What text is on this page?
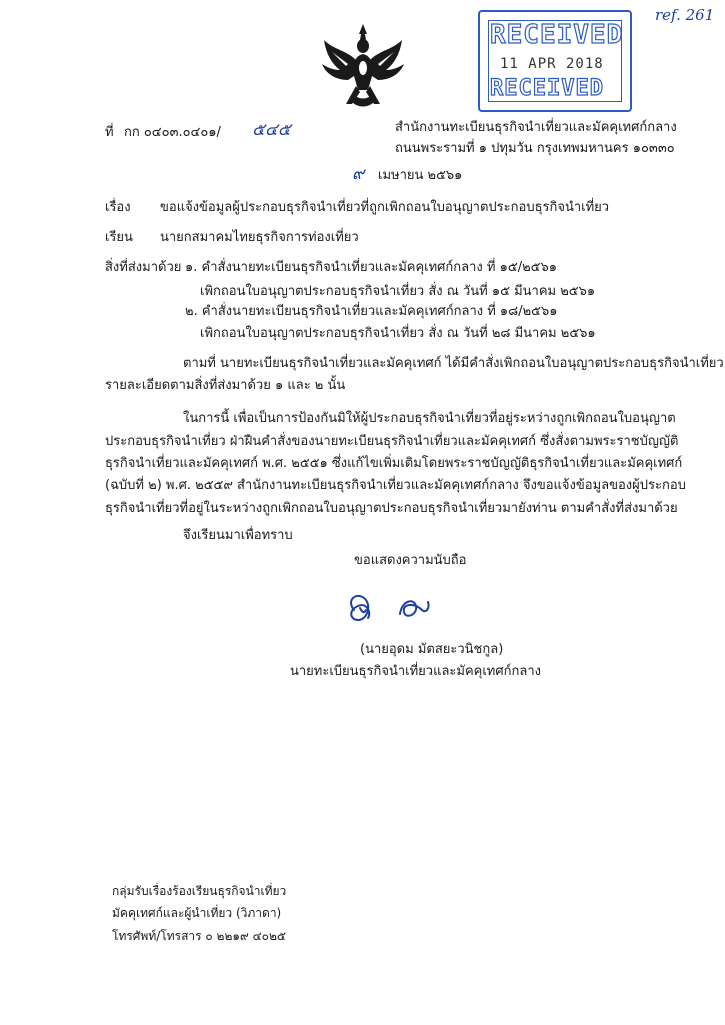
ref. 261
RECEIVED
11 APR 2018
RECEIVED
ที่ กก ๐๔๐๓.๐๔๐๑/ ๕๔๕	สำนักงานทะเบียนธุรกิจนำเที่ยวและมัคคุเทศก์กลาง
ถนนพระรามที่ ๑ ปทุมวัน กรุงเทพมหานคร ๑๐๓๓๐
๙ เมษายน ๒๕๖๑
เรื่อง ขอแจ้งข้อมูลผู้ประกอบธุรกิจนำเที่ยวที่ถูกเพิกถอนใบอนุญาตประกอบธุรกิจนำเที่ยว
เรียน นายกสมาคมไทยธุรกิจการท่องเที่ยว
สิ่งที่ส่งมาด้วย ๑. คำสั่งนายทะเบียนธุรกิจนำเที่ยวและมัคคุเทศก์กลาง ที่ ๑๕/๒๕๖๑
เพิกถอนใบอนุญาตประกอบธุรกิจนำเที่ยว สั่ง ณ วันที่ ๑๕ มีนาคม ๒๕๖๑
๒. คำสั่งนายทะเบียนธุรกิจนำเที่ยวและมัคคุเทศก์กลาง ที่ ๑๘/๒๕๖๑
เพิกถอนใบอนุญาตประกอบธุรกิจนำเที่ยว สั่ง ณ วันที่ ๒๘ มีนาคม ๒๕๖๑
ตามที่ นายทะเบียนธุรกิจนำเที่ยวและมัคคุเทศก์ ได้มีคำสั่งเพิกถอนใบอนุญาตประกอบธุรกิจนำเที่ยว
รายละเอียดตามสิ่งที่ส่งมาด้วย ๑ และ ๒ นั้น
ในการนี้ เพื่อเป็นการป้องกันมิให้ผู้ประกอบธุรกิจนำเที่ยวที่อยู่ระหว่างถูกเพิกถอนใบอนุญาต
ประกอบธุรกิจนำเที่ยว ฝ่าฝืนคำสั่งของนายทะเบียนธุรกิจนำเที่ยวและมัคคุเทศก์ ซึ่งสั่งตามพระราชบัญญัติ
ธุรกิจนำเที่ยวและมัคคุเทศก์ พ.ศ. ๒๕๕๑ ซึ่งแก้ไขเพิ่มเติมโดยพระราชบัญญัติธุรกิจนำเที่ยวและมัคคุเทศก์
(ฉบับที่ ๒) พ.ศ. ๒๕๕๙ สำนักงานทะเบียนธุรกิจนำเที่ยวและมัคคุเทศก์กลาง จึงขอแจ้งข้อมูลของผู้ประกอบ
ธุรกิจนำเที่ยวที่อยู่ในระหว่างถูกเพิกถอนใบอนุญาตประกอบธุรกิจนำเที่ยวมายังท่าน ตามคำสั่งที่ส่งมาด้วย
จึงเรียนมาเพื่อทราบ
ขอแสดงความนับถือ
(นายอุดม มัตสยะวนิชกูล)
นายทะเบียนธุรกิจนำเที่ยวและมัคคุเทศก์กลาง
กลุ่มรับเรื่องร้องเรียนธุรกิจนำเที่ยว
มัคคุเทศก์และผู้นำเที่ยว (วิภาดา)
โทรศัพท์/โทรสาร ๐ ๒๒๑๙ ๔๐๒๕
